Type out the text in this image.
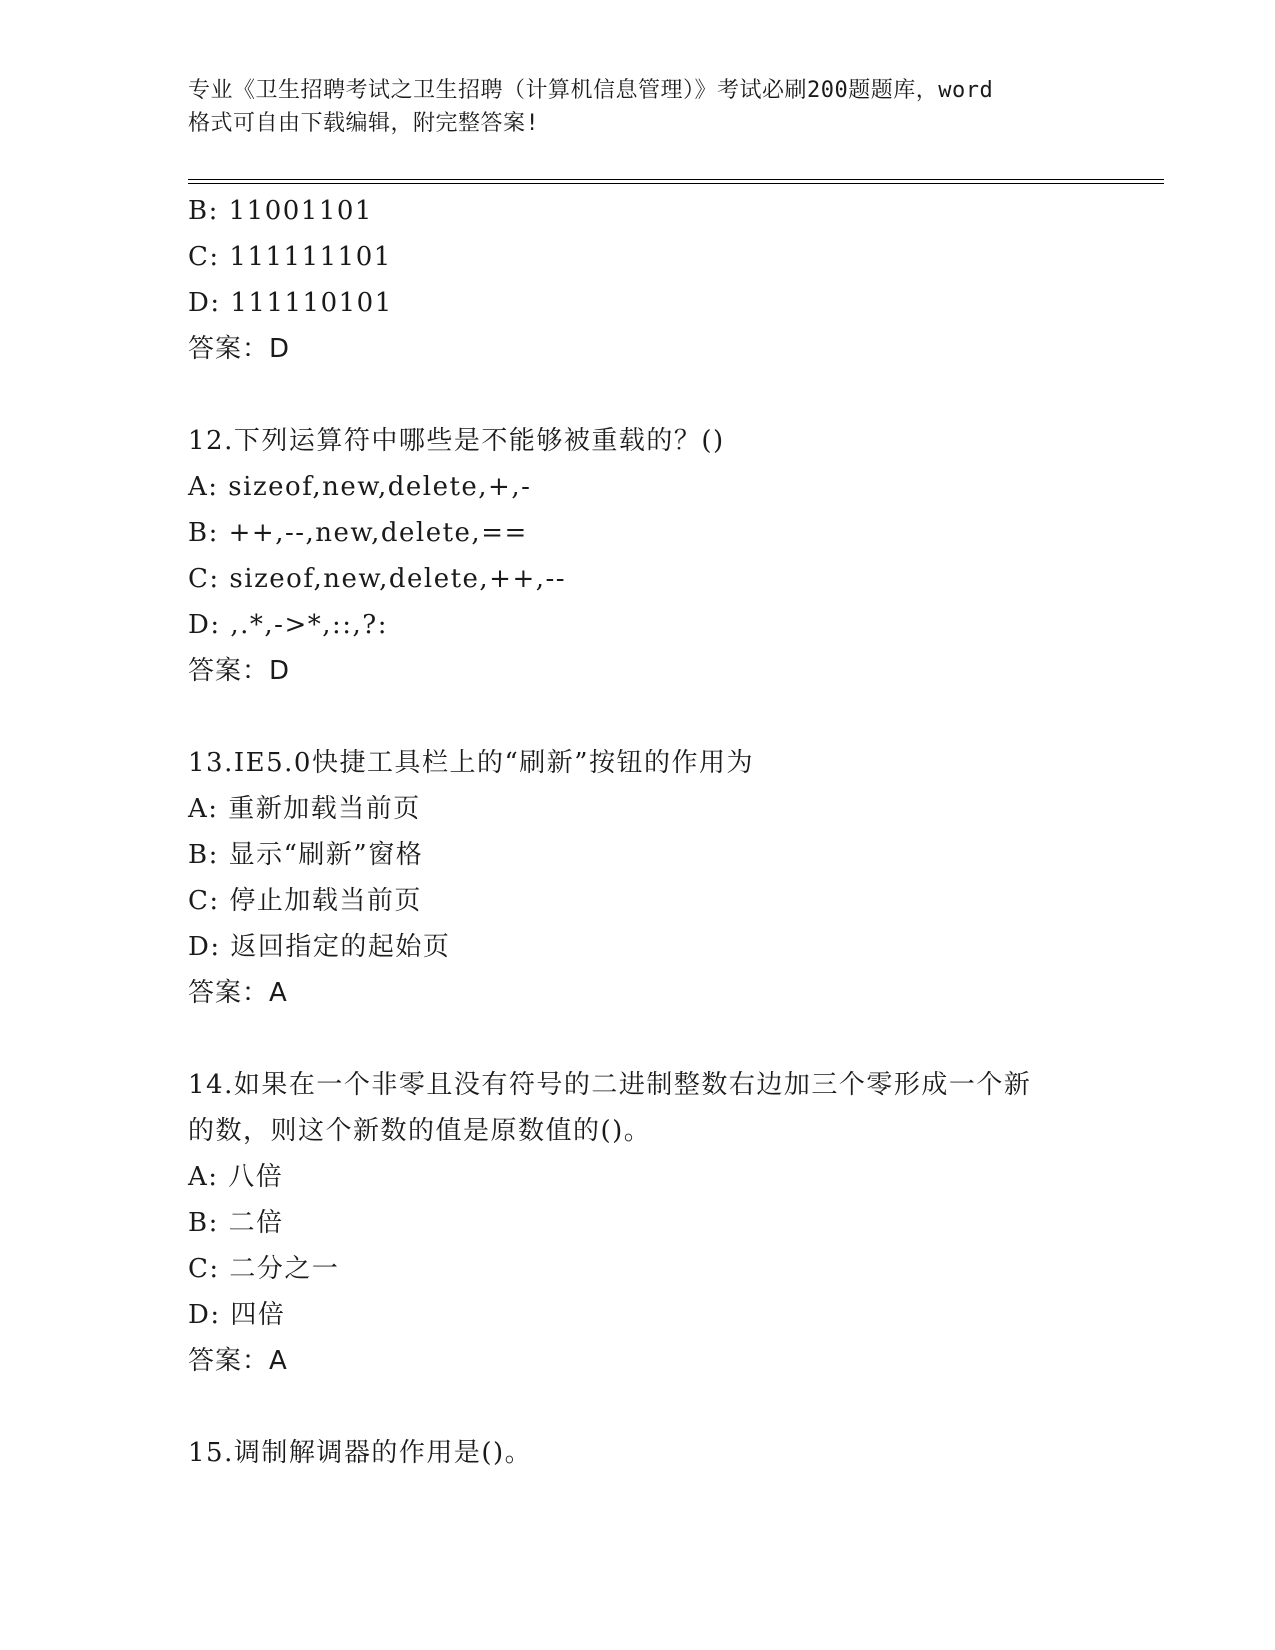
专业《卫生招聘考试之卫生招聘（计算机信息管理）》考试必刷200题题库，word
格式可自由下载编辑，附完整答案!
B: 11001101
C: 111111101
D: 111110101
答案：D
12.下列运算符中哪些是不能够被重载的？()
A: sizeof,new,delete,+,-
B: ++,--,new,delete,==
C: sizeof,new,delete,++,--
D: ,.*,->*,::,?:
答案：D
13.IE5.0快捷工具栏上的“刷新”按钮的作用为
A: 重新加载当前页
B: 显示“刷新”窗格
C: 停止加载当前页
D: 返回指定的起始页
答案：A
14.如果在一个非零且没有符号的二进制整数右边加三个零形成一个新
的数，则这个新数的值是原数值的()。
A: 八倍
B: 二倍
C: 二分之一
D: 四倍
答案：A
15.调制解调器的作用是()。
